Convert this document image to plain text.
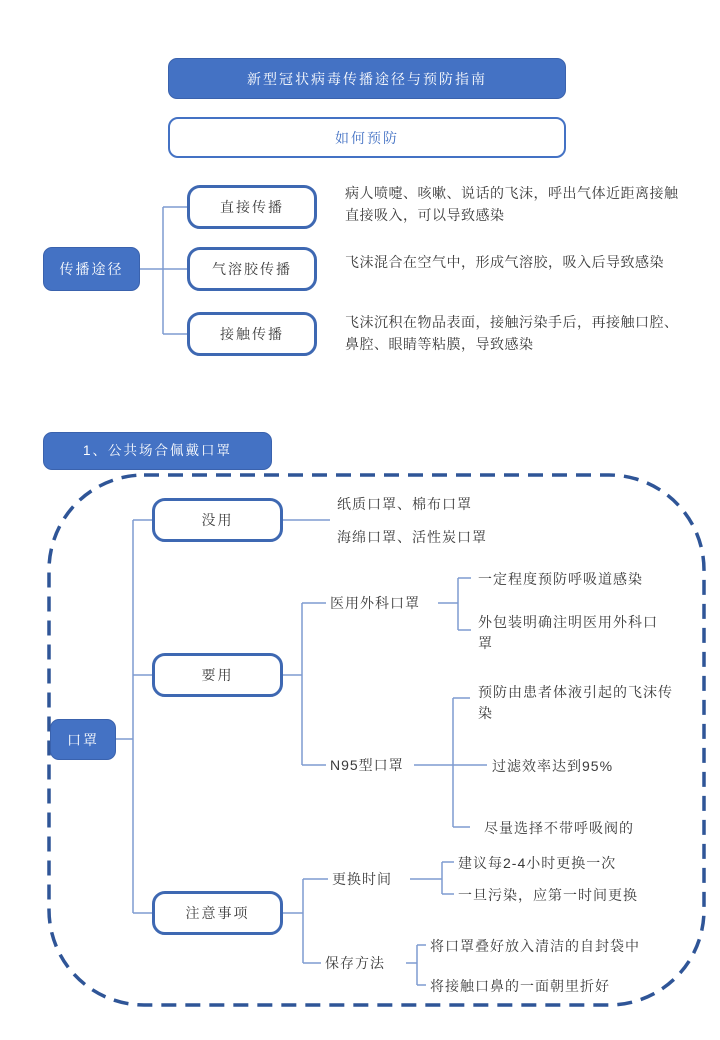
新型冠状病毒传播途径与预防指南
如何预防
传播途径
直接传播
气溶胶传播
接触传播
病人喷嚏、咳嗽、说话的飞沫，呼出气体近距离接触直接吸入，可以导致感染
飞沫混合在空气中，形成气溶胶，吸入后导致感染
飞沫沉积在物品表面，接触污染手后，再接触口腔、鼻腔、眼睛等粘膜，导致感染
1、公共场合佩戴口罩
口罩
没用
要用
注意事项
纸质口罩、棉布口罩
海绵口罩、活性炭口罩
医用外科口罩
一定程度预防呼吸道感染
外包装明确注明医用外科口罩
N95型口罩
预防由患者体液引起的飞沫传染
过滤效率达到95%
尽量选择不带呼吸阀的
更换时间
建议每2-4小时更换一次
一旦污染，应第一时间更换
保存方法
将口罩叠好放入清洁的自封袋中
将接触口鼻的一面朝里折好
